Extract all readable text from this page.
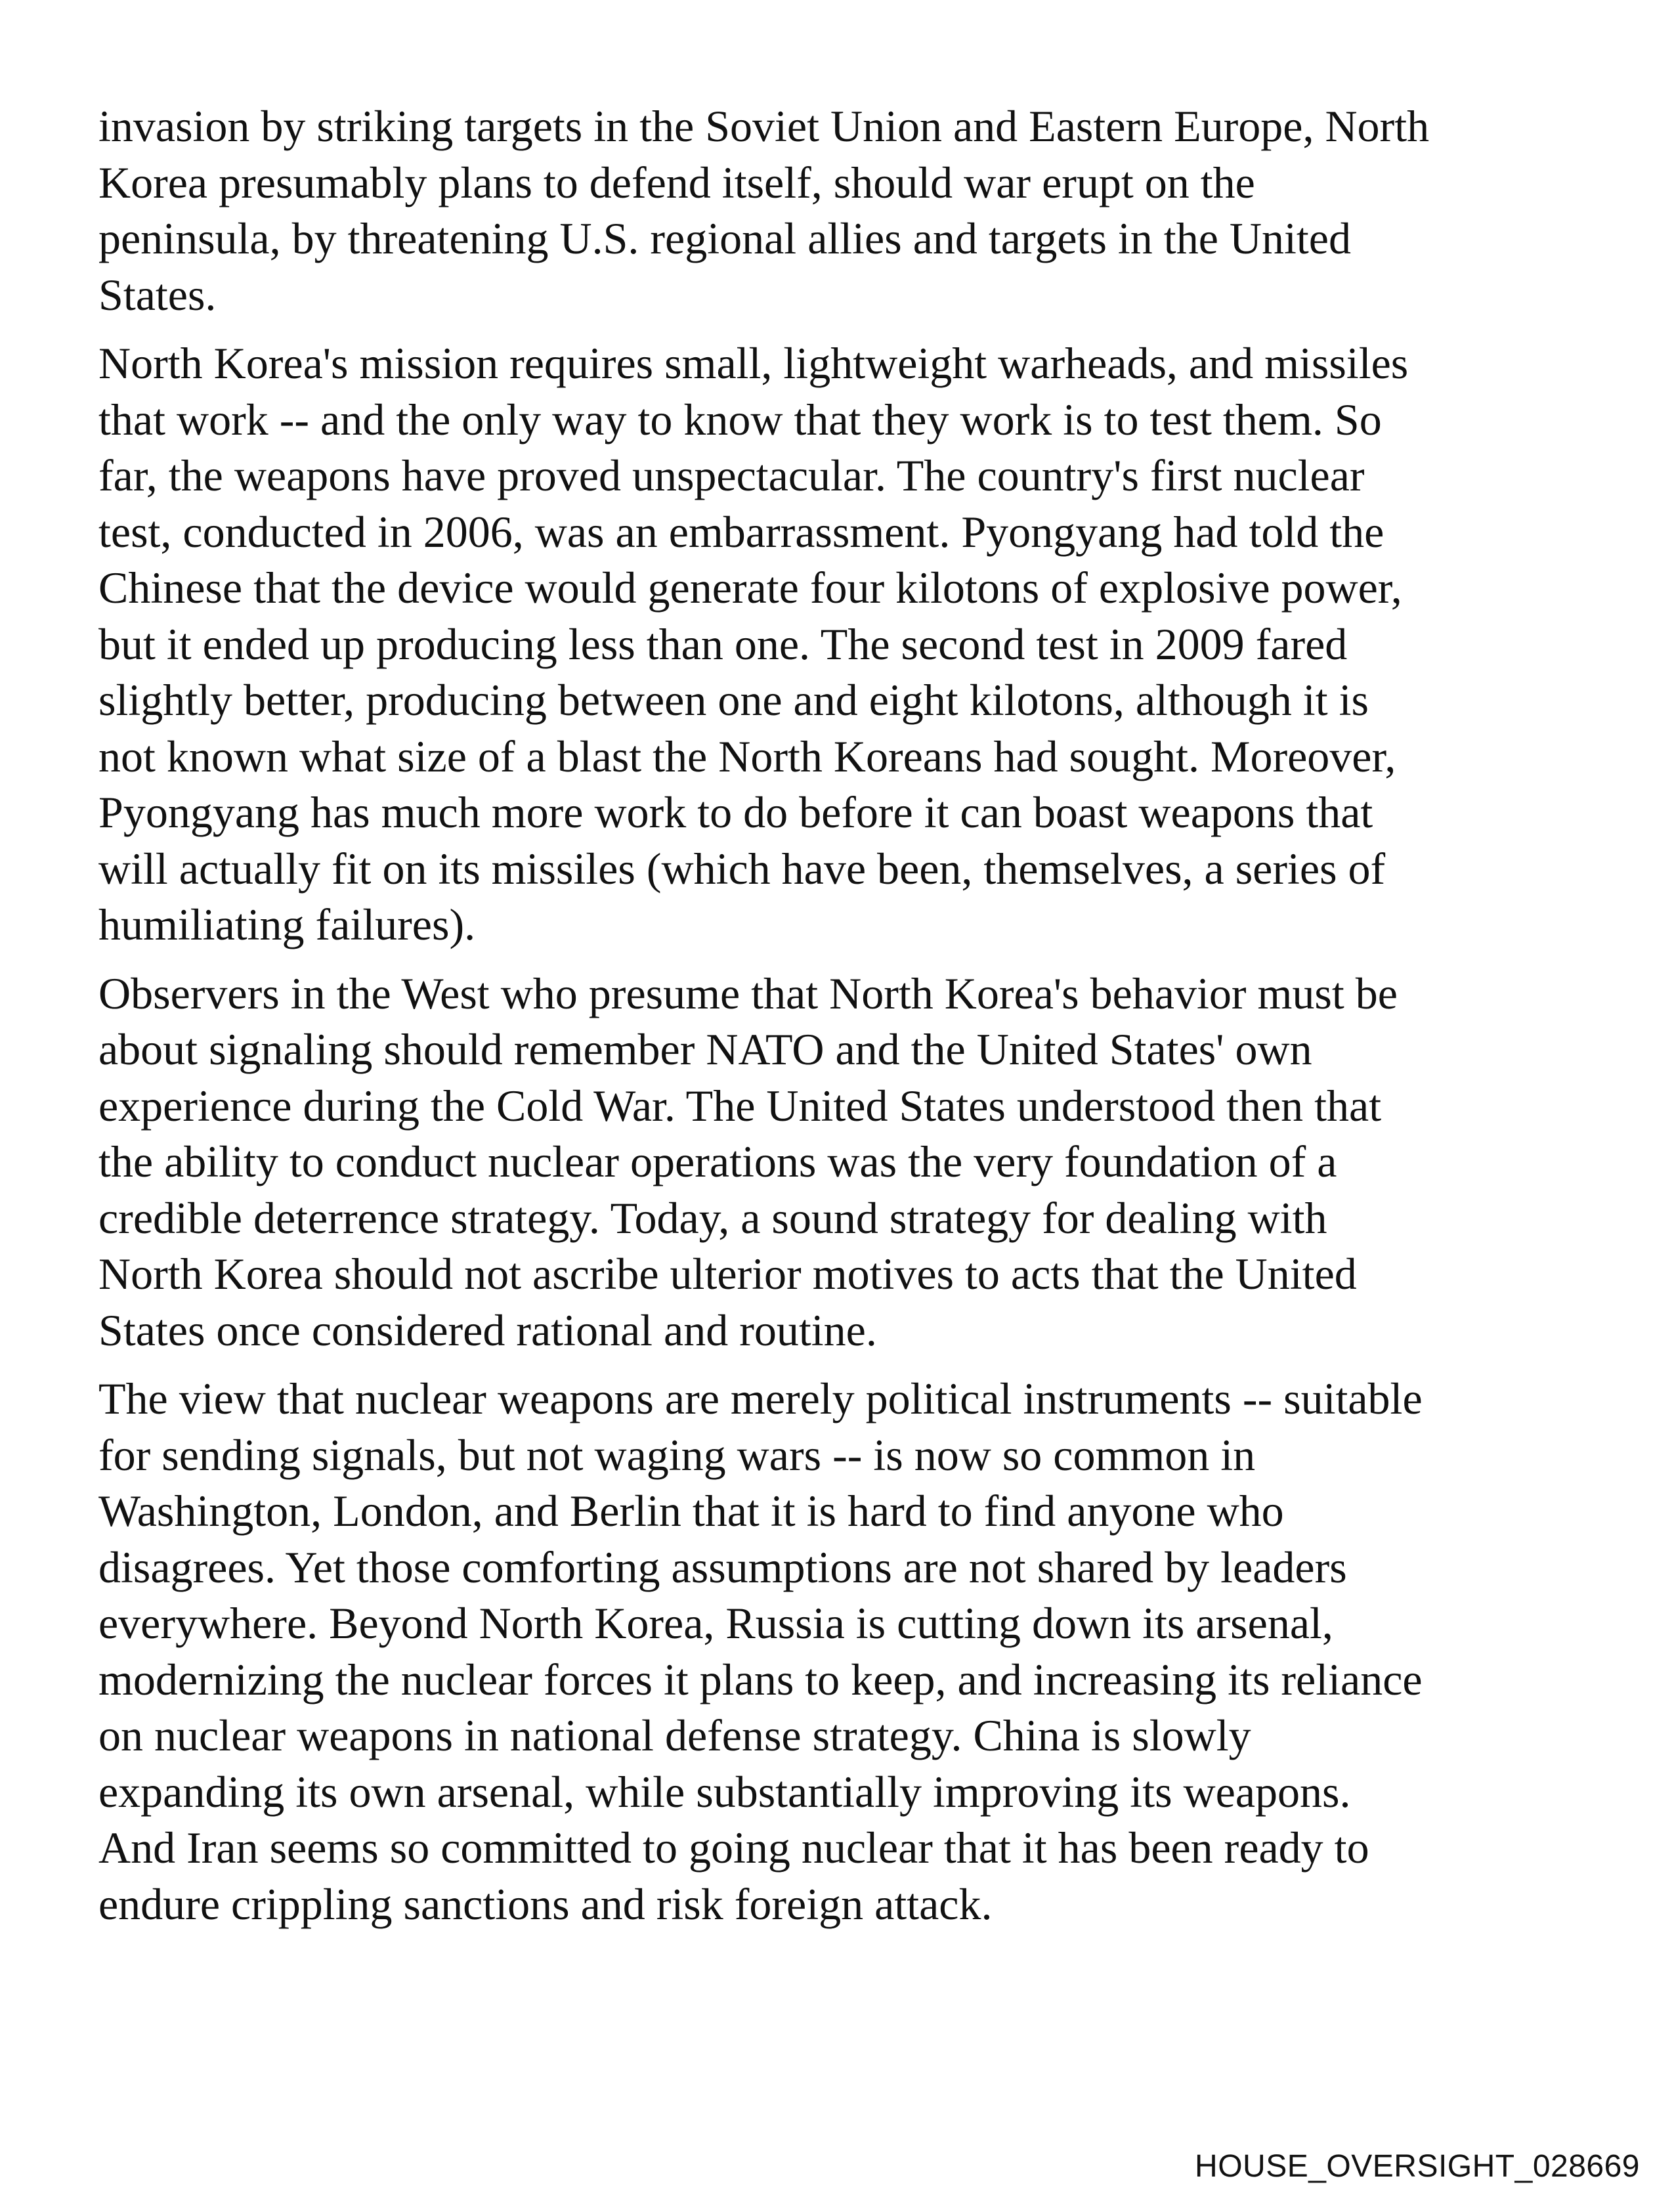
invasion by striking targets in the Soviet Union and Eastern Europe, North
Korea presumably plans to defend itself, should war erupt on the
peninsula, by threatening U.S. regional allies and targets in the United
States.
North Korea's mission requires small, lightweight warheads, and missiles
that work -- and the only way to know that they work is to test them. So
far, the weapons have proved unspectacular. The country's first nuclear
test, conducted in 2006, was an embarrassment. Pyongyang had told the
Chinese that the device would generate four kilotons of explosive power,
but it ended up producing less than one. The second test in 2009 fared
slightly better, producing between one and eight kilotons, although it is
not known what size of a blast the North Koreans had sought. Moreover,
Pyongyang has much more work to do before it can boast weapons that
will actually fit on its missiles (which have been, themselves, a series of
humiliating failures).
Observers in the West who presume that North Korea's behavior must be
about signaling should remember NATO and the United States' own
experience during the Cold War. The United States understood then that
the ability to conduct nuclear operations was the very foundation of a
credible deterrence strategy. Today, a sound strategy for dealing with
North Korea should not ascribe ulterior motives to acts that the United
States once considered rational and routine.
The view that nuclear weapons are merely political instruments -- suitable
for sending signals, but not waging wars -- is now so common in
Washington, London, and Berlin that it is hard to find anyone who
disagrees. Yet those comforting assumptions are not shared by leaders
everywhere. Beyond North Korea, Russia is cutting down its arsenal,
modernizing the nuclear forces it plans to keep, and increasing its reliance
on nuclear weapons in national defense strategy. China is slowly
expanding its own arsenal, while substantially improving its weapons.
And Iran seems so committed to going nuclear that it has been ready to
endure crippling sanctions and risk foreign attack.
HOUSE_OVERSIGHT_028669
